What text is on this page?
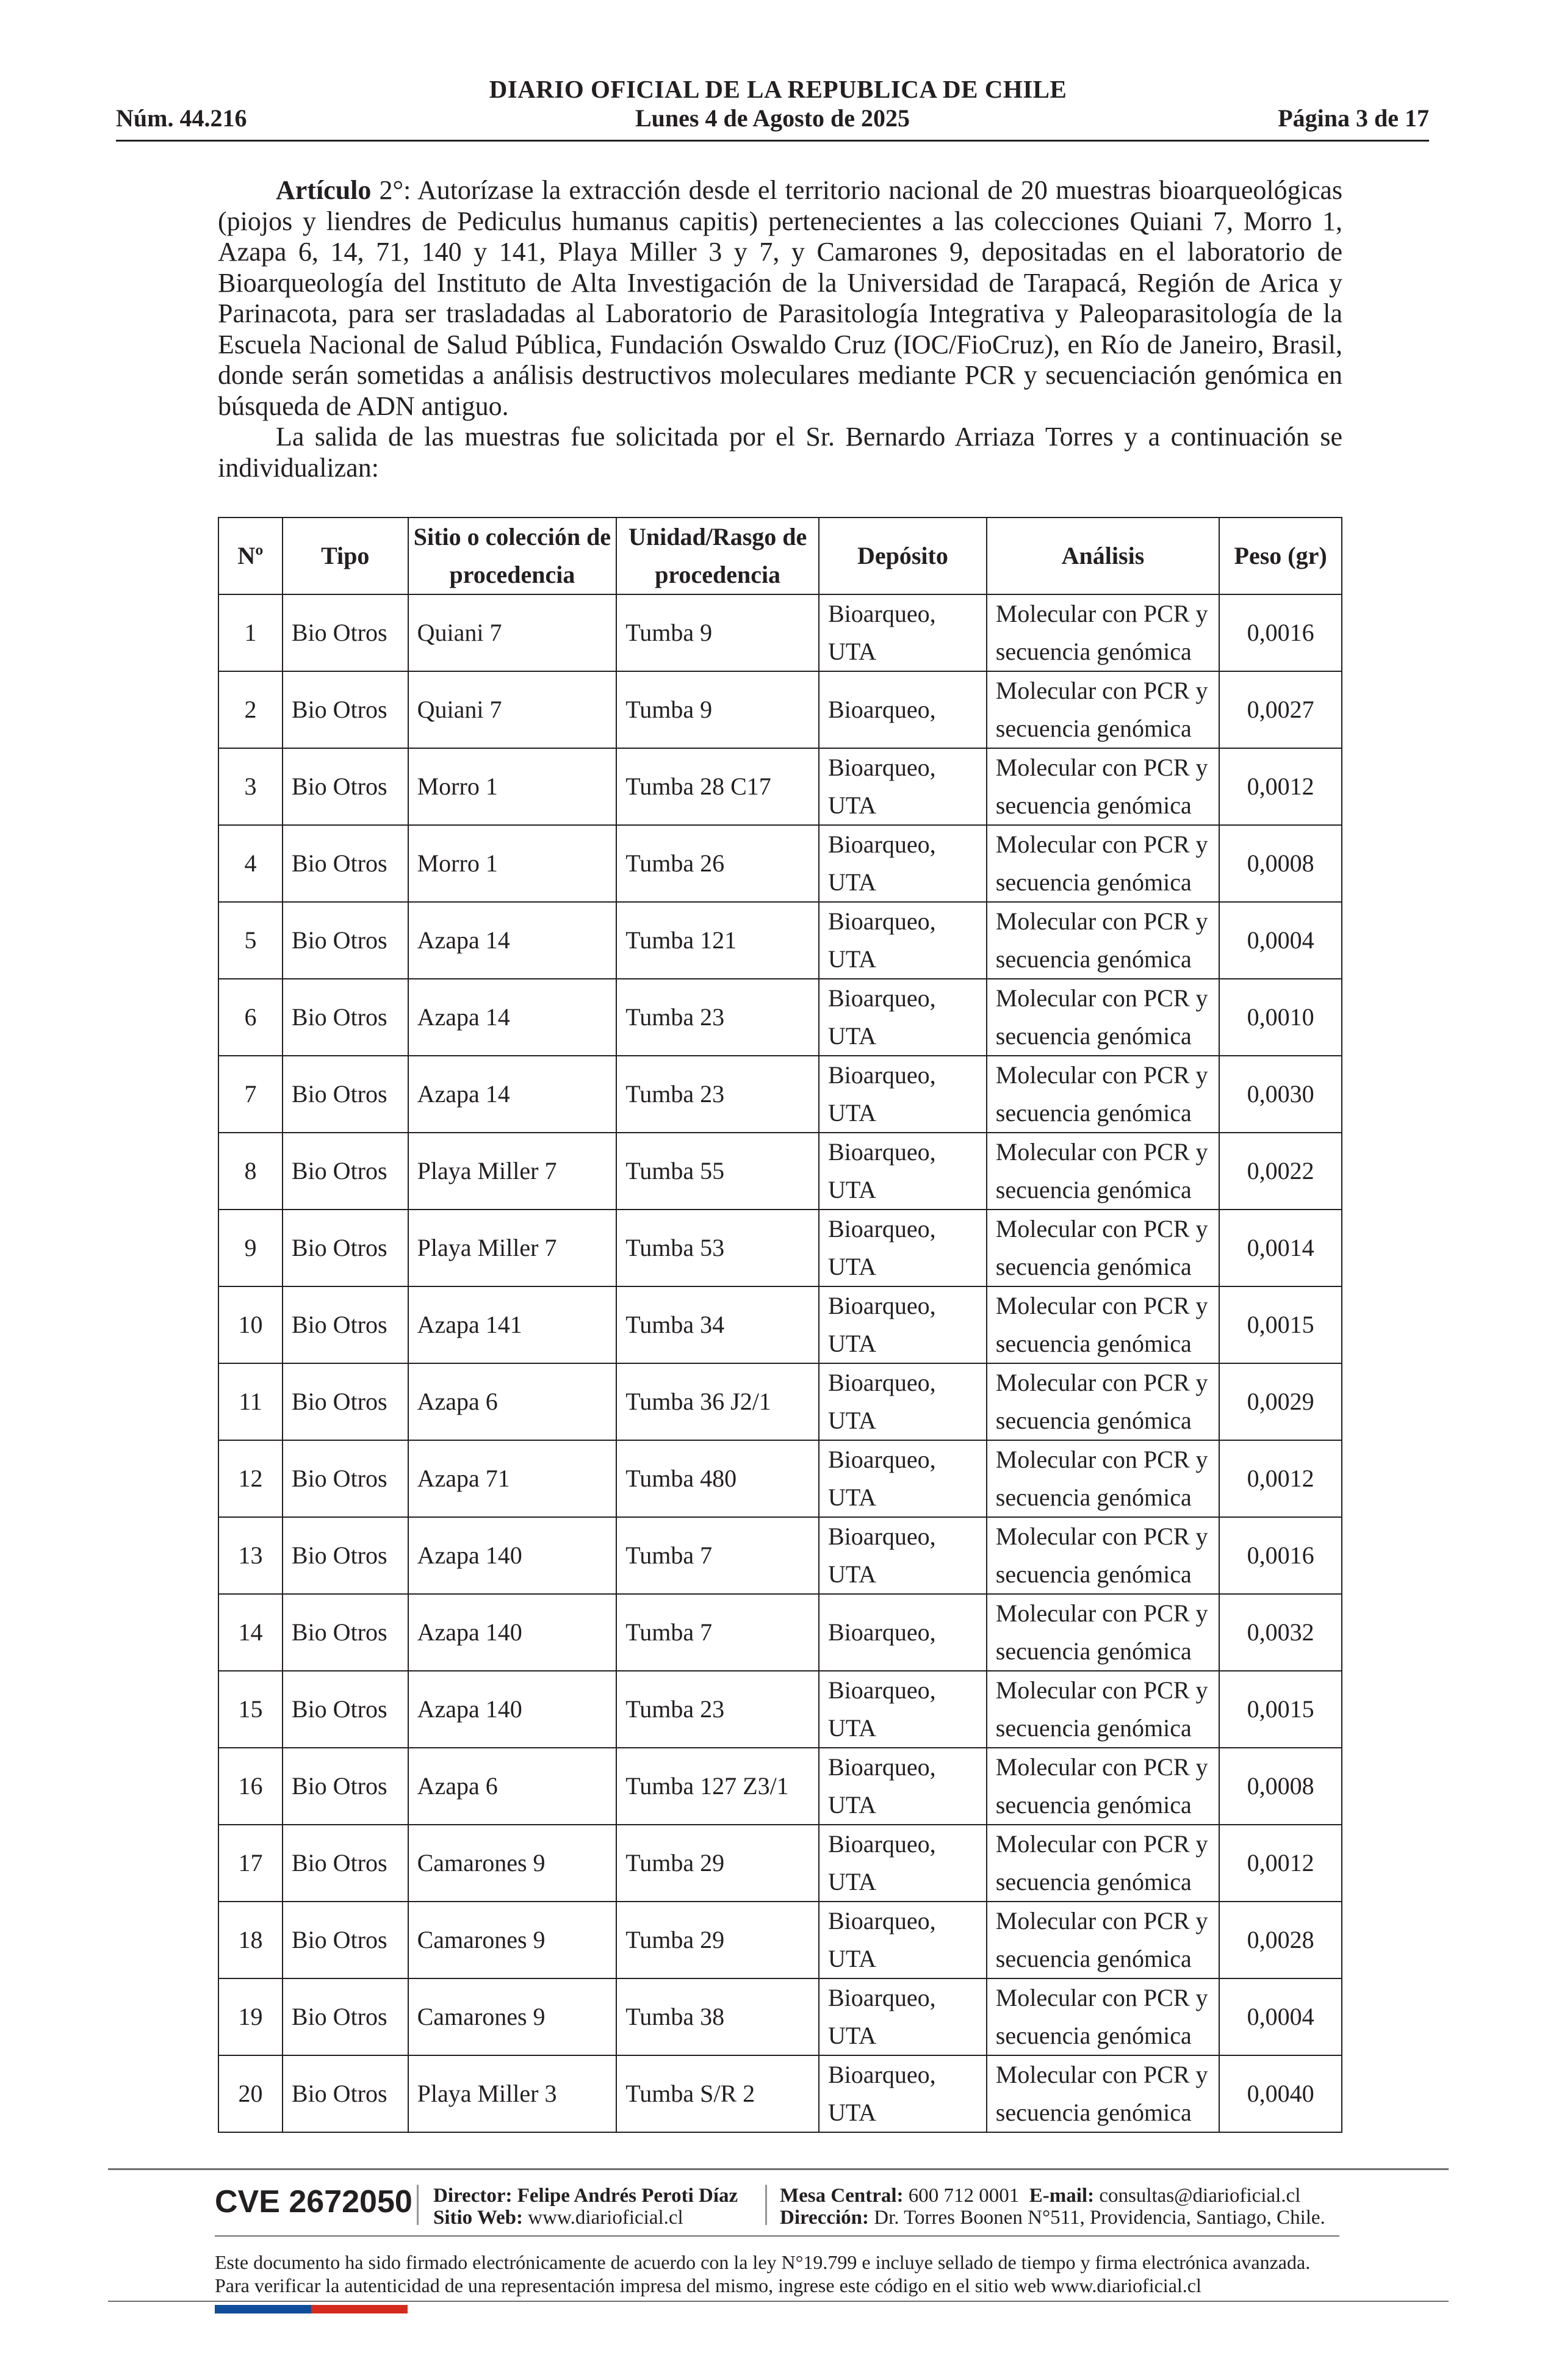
DIARIO OFICIAL DE LA REPUBLICA DE CHILE
Núm. 44.216	Lunes 4 de Agosto de 2025	Página 3 de 17

Artículo 2°: Autorízase la extracción desde el territorio nacional de 20 muestras bioarqueológicas (piojos y liendres de Pediculus humanus capitis) pertenecientes a las colecciones Quiani 7, Morro 1, Azapa 6, 14, 71, 140 y 141, Playa Miller 3 y 7, y Camarones 9, depositadas en el laboratorio de Bioarqueología del Instituto de Alta Investigación de la Universidad de Tarapacá, Región de Arica y Parinacota, para ser trasladadas al Laboratorio de Parasitología Integrativa y Paleoparasitología de la Escuela Nacional de Salud Pública, Fundación Oswaldo Cruz (IOC/FioCruz), en Río de Janeiro, Brasil, donde serán sometidas a análisis destructivos moleculares mediante PCR y secuenciación genómica en búsqueda de ADN antiguo.

La salida de las muestras fue solicitada por el Sr. Bernardo Arriaza Torres y a continuación se individualizan:

Nº	Tipo	Sitio o colección de procedencia	Unidad/Rasgo de procedencia	Depósito	Análisis	Peso (gr)
1	Bio Otros	Quiani 7	Tumba 9	Bioarqueo, UTA	Molecular con PCR y secuencia genómica	0,0016
2	Bio Otros	Quiani 7	Tumba 9	Bioarqueo,	Molecular con PCR y secuencia genómica	0,0027
3	Bio Otros	Morro 1	Tumba 28 C17	Bioarqueo, UTA	Molecular con PCR y secuencia genómica	0,0012
4	Bio Otros	Morro 1	Tumba 26	Bioarqueo, UTA	Molecular con PCR y secuencia genómica	0,0008
5	Bio Otros	Azapa 14	Tumba 121	Bioarqueo, UTA	Molecular con PCR y secuencia genómica	0,0004
6	Bio Otros	Azapa 14	Tumba 23	Bioarqueo, UTA	Molecular con PCR y secuencia genómica	0,0010
7	Bio Otros	Azapa 14	Tumba 23	Bioarqueo, UTA	Molecular con PCR y secuencia genómica	0,0030
8	Bio Otros	Playa Miller 7	Tumba 55	Bioarqueo, UTA	Molecular con PCR y secuencia genómica	0,0022
9	Bio Otros	Playa Miller 7	Tumba 53	Bioarqueo, UTA	Molecular con PCR y secuencia genómica	0,0014
10	Bio Otros	Azapa 141	Tumba 34	Bioarqueo, UTA	Molecular con PCR y secuencia genómica	0,0015
11	Bio Otros	Azapa 6	Tumba 36 J2/1	Bioarqueo, UTA	Molecular con PCR y secuencia genómica	0,0029
12	Bio Otros	Azapa 71	Tumba 480	Bioarqueo, UTA	Molecular con PCR y secuencia genómica	0,0012
13	Bio Otros	Azapa 140	Tumba 7	Bioarqueo, UTA	Molecular con PCR y secuencia genómica	0,0016
14	Bio Otros	Azapa 140	Tumba 7	Bioarqueo,	Molecular con PCR y secuencia genómica	0,0032
15	Bio Otros	Azapa 140	Tumba 23	Bioarqueo, UTA	Molecular con PCR y secuencia genómica	0,0015
16	Bio Otros	Azapa 6	Tumba 127 Z3/1	Bioarqueo, UTA	Molecular con PCR y secuencia genómica	0,0008
17	Bio Otros	Camarones 9	Tumba 29	Bioarqueo, UTA	Molecular con PCR y secuencia genómica	0,0012
18	Bio Otros	Camarones 9	Tumba 29	Bioarqueo, UTA	Molecular con PCR y secuencia genómica	0,0028
19	Bio Otros	Camarones 9	Tumba 38	Bioarqueo, UTA	Molecular con PCR y secuencia genómica	0,0004
20	Bio Otros	Playa Miller 3	Tumba S/R 2	Bioarqueo, UTA	Molecular con PCR y secuencia genómica	0,0040
CVE 2672050 Director: Felipe Andrés Peroti Díaz
Sitio Web: www.diarioficial.cl
Mesa Central: 600 712 0001 E-mail: consultas@diarioficial.cl
Dirección: Dr. Torres Boonen N°511, Providencia, Santiago, Chile.
Este documento ha sido firmado electrónicamente de acuerdo con la ley N°19.799 e incluye sellado de tiempo y firma electrónica avanzada. Para verificar la autenticidad de una representación impresa del mismo, ingrese este código en el sitio web www.diarioficial.cl
